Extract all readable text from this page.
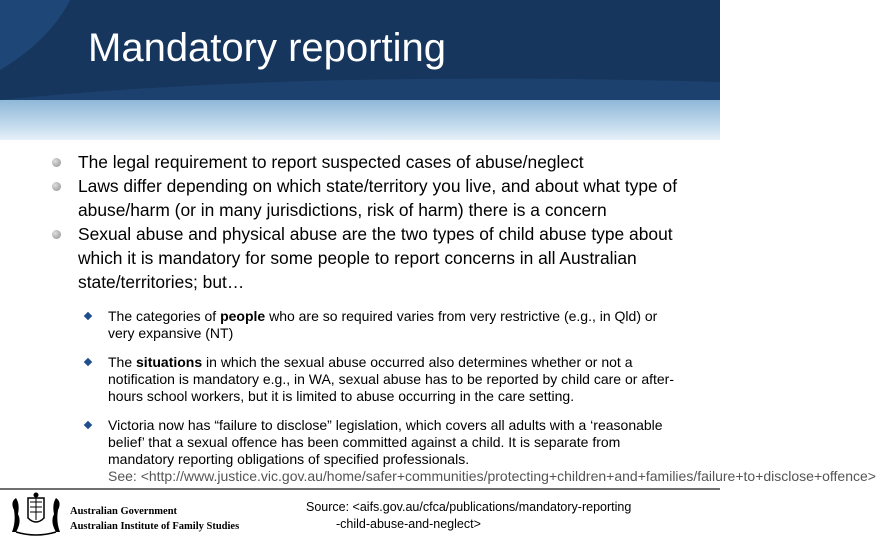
Mandatory reporting
The legal requirement to report suspected cases of abuse/neglect
Laws differ depending on which state/territory you live, and about what type of abuse/harm (or in many jurisdictions, risk of harm) there is a concern
Sexual abuse and physical abuse are the two types of child abuse type about which it is mandatory for some people to report concerns in all Australian state/territories; but…
The categories of people who are so required varies from very restrictive (e.g., in Qld) or very expansive (NT)
The situations in which the sexual abuse occurred also determines whether or not a notification is mandatory e.g., in WA, sexual abuse has to be reported by child care or after-hours school workers, but it is limited to abuse occurring in the care setting.
Victoria now has “failure to disclose” legislation, which covers all adults with a ‘reasonable belief’ that a sexual offence has been committed against a child. It is separate from mandatory reporting obligations of specified professionals.

See: <http://www.justice.vic.gov.au/home/safer+communities/protecting+children+and+families/failure+to+disclose+offence>
Australian Government
Australian Institute of Family Studies
Source: <aifs.gov.au/cfca/publications/mandatory-reporting
-child-abuse-and-neglect>
